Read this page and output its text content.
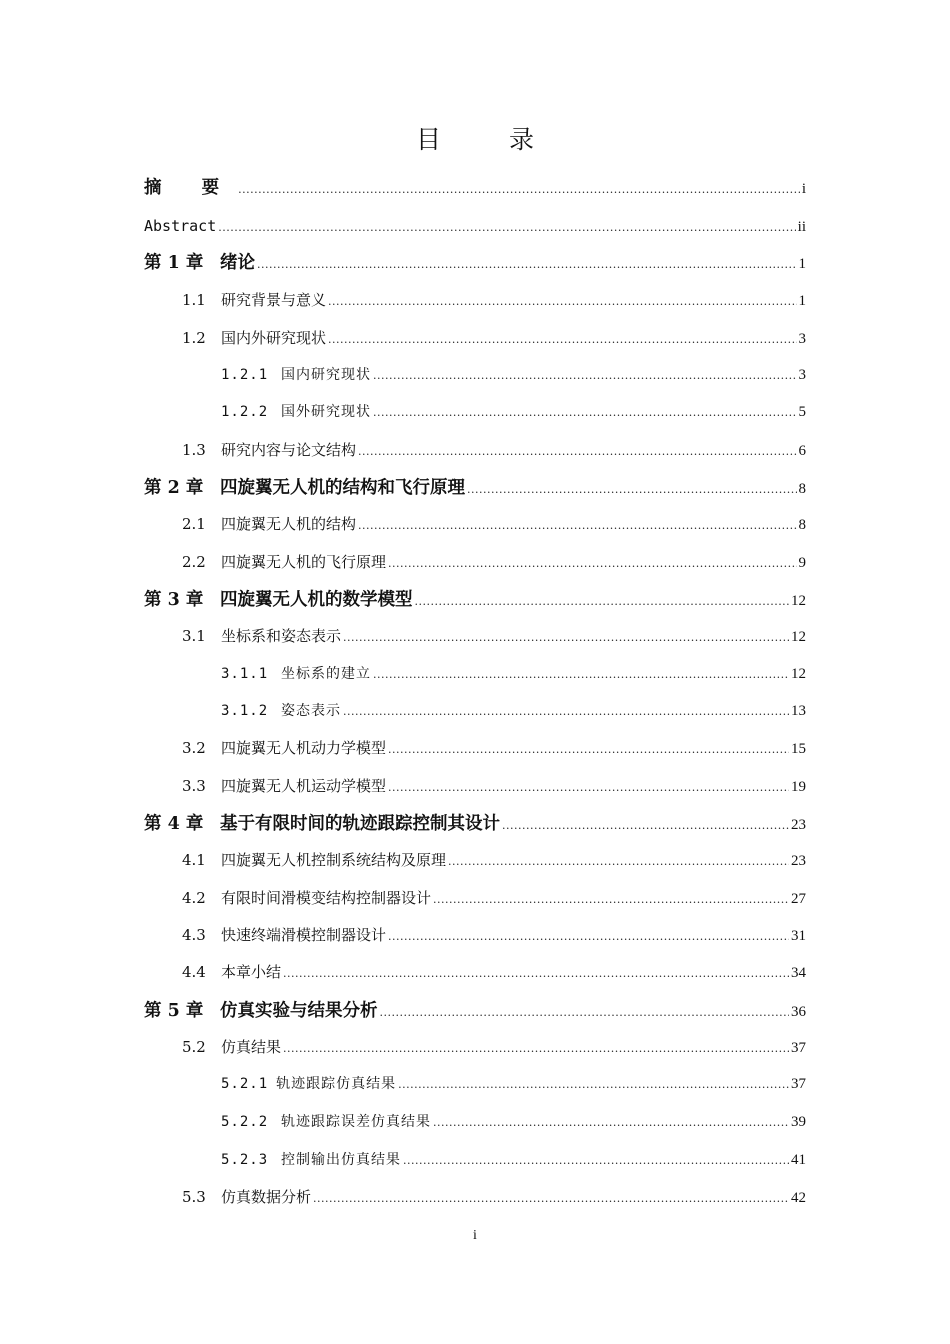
目 录
摘 要 .....	i
Abstract .....	ii
第 1 章 绪论 .....	1
1.1	研究背景与意义 .....	1
1.2	国内外研究现状 .....	3
1.2.1 国内研究现状 .....	3
1.2.2 国外研究现状 .....	5
1.3	研究内容与论文结构 .....	6
第 2 章 四旋翼无人机的结构和飞行原理 .....	8
2.1	四旋翼无人机的结构 .....	8
2.2	四旋翼无人机的飞行原理 .....	9
第 3 章 四旋翼无人机的数学模型 .....	12
3.1	坐标系和姿态表示 .....	12
3.1.1 坐标系的建立 .....	12
3.1.2 姿态表示 .....	13
3.2	四旋翼无人机动力学模型 .....	15
3.3	四旋翼无人机运动学模型 .....	19
第 4 章 基于有限时间的轨迹跟踪控制其设计 .....	23
4.1	四旋翼无人机控制系统结构及原理 .....	23
4.2	有限时间滑模变结构控制器设计 .....	27
4.3	快速终端滑模控制器设计 .....	31
4.4	本章小结 .....	34
第 5 章 仿真实验与结果分析 .....	36
5.2	仿真结果 .....	37
5.2.1 轨迹跟踪仿真结果 .....	37
5.2.2 轨迹跟踪误差仿真结果 .....	39
5.2.3 控制输出仿真结果 .....	41
5.3	仿真数据分析 .....	42
i
